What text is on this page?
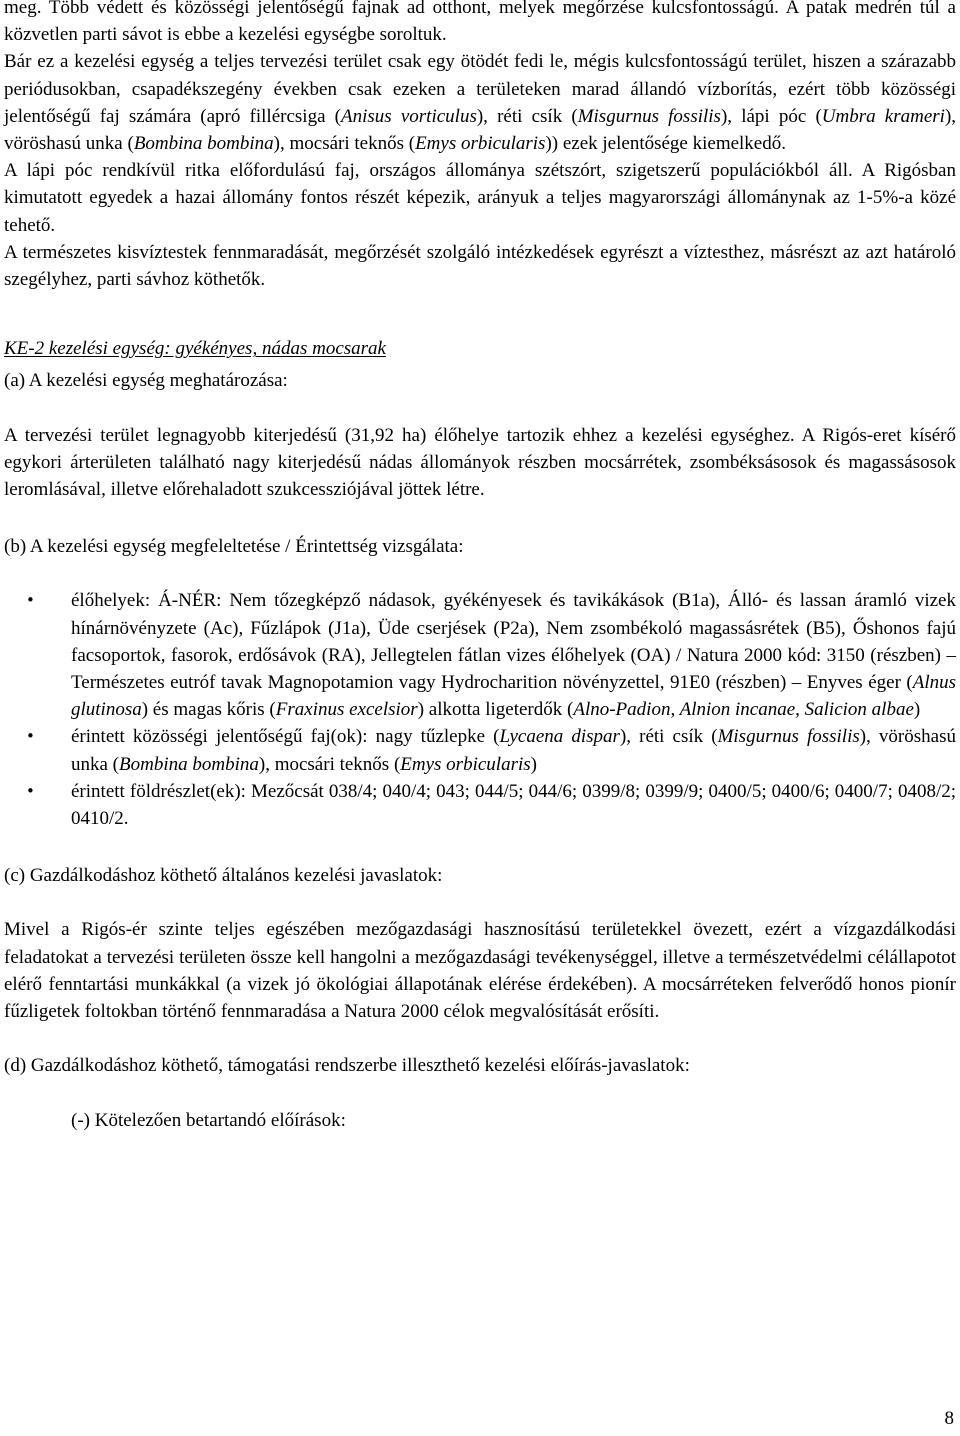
meg. Több védett és közösségi jelentőségű fajnak ad otthont, melyek megőrzése kulcsfontosságú. A patak medrén túl a közvetlen parti sávot is ebbe a kezelési egységbe soroltuk.

Bár ez a kezelési egység a teljes tervezési terület csak egy ötödét fedi le, mégis kulcsfontosságú terület, hiszen a szárazabb periódusokban, csapadékszegény években csak ezeken a területeken marad állandó vízborítás, ezért több közösségi jelentőségű faj számára (apró fillércsiga (Anisus vorticulus), réti csík (Misgurnus fossilis), lápi póc (Umbra krameri), vöröshasú unka (Bombina bombina), mocsári teknős (Emys orbicularis)) ezek jelentősége kiemelkedő.

A lápi póc rendkívül ritka előfordulású faj, országos állománya szétszórt, szigetszerű populációkból áll. A Rigósban kimutatott egyedek a hazai állomány fontos részét képezik, arányuk a teljes magyarországi állománynak az 1-5%-a közé tehető.

A természetes kisvíztestek fennmaradását, megőrzését szolgáló intézkedések egyrészt a víztesthez, másrészt az azt határoló szegélyhez, parti sávhoz köthetők.

KE-2 kezelési egység: gyékényes, nádas mocsarak

(a) A kezelési egység meghatározása:

A tervezési terület legnagyobb kiterjedésű (31,92 ha) élőhelye tartozik ehhez a kezelési egységhez. A Rigós-eret kísérő egykori árterületen található nagy kiterjedésű nádas állományok részben mocsárrétek, zsombéksásosok és magassásosok leromlásával, illetve előrehaladott szukcessziójával jöttek létre.

(b) A kezelési egység megfeleltetése / Érintettség vizsgálata:

• élőhelyek: Á-NÉR: Nem tőzegképző nádasok, gyékényesek és tavikákások (B1a), Álló- és lassan áramló vizek hínárnövényzete (Ac), Fűzlápok (J1a), Üde cserjések (P2a), Nem zsombékoló magassásrétek (B5), Őshonos fajú facsoportok, fasorok, erdősávok (RA), Jellegtelen fátlan vizes élőhelyek (OA) / Natura 2000 kód: 3150 (részben) – Természetes eutróf tavak Magnopotamion vagy Hydrocharition növényzettel, 91E0 (részben) – Enyves éger (Alnus glutinosa) és magas kőris (Fraxinus excelsior) alkotta ligeterdők (Alno-Padion, Alnion incanae, Salicion albae)
• érintett közösségi jelentőségű faj(ok): nagy tűzlepke (Lycaena dispar), réti csík (Misgurnus fossilis), vöröshasú unka (Bombina bombina), mocsári teknős (Emys orbicularis)
• érintett földrészlet(ek): Mezőcsát 038/4; 040/4; 043; 044/5; 044/6; 0399/8; 0399/9; 0400/5; 0400/6; 0400/7; 0408/2; 0410/2.

(c) Gazdálkodáshoz köthető általános kezelési javaslatok:

Mivel a Rigós-ér szinte teljes egészében mezőgazdasági hasznosítású területekkel övezett, ezért a vízgazdálkodási feladatokat a tervezési területen össze kell hangolni a mezőgazdasági tevékenységgel, illetve a természetvédelmi célállapotot elérő fenntartási munkákkal (a vizek jó ökológiai állapotának elérése érdekében). A mocsárréteken felverődő honos pionír fűzligetek foltokban történő fennmaradása a Natura 2000 célok megvalósítását erősíti.

(d) Gazdálkodáshoz köthető, támogatási rendszerbe illeszthető kezelési előírás-javaslatok:

(-) Kötelezően betartandó előírások:

8
